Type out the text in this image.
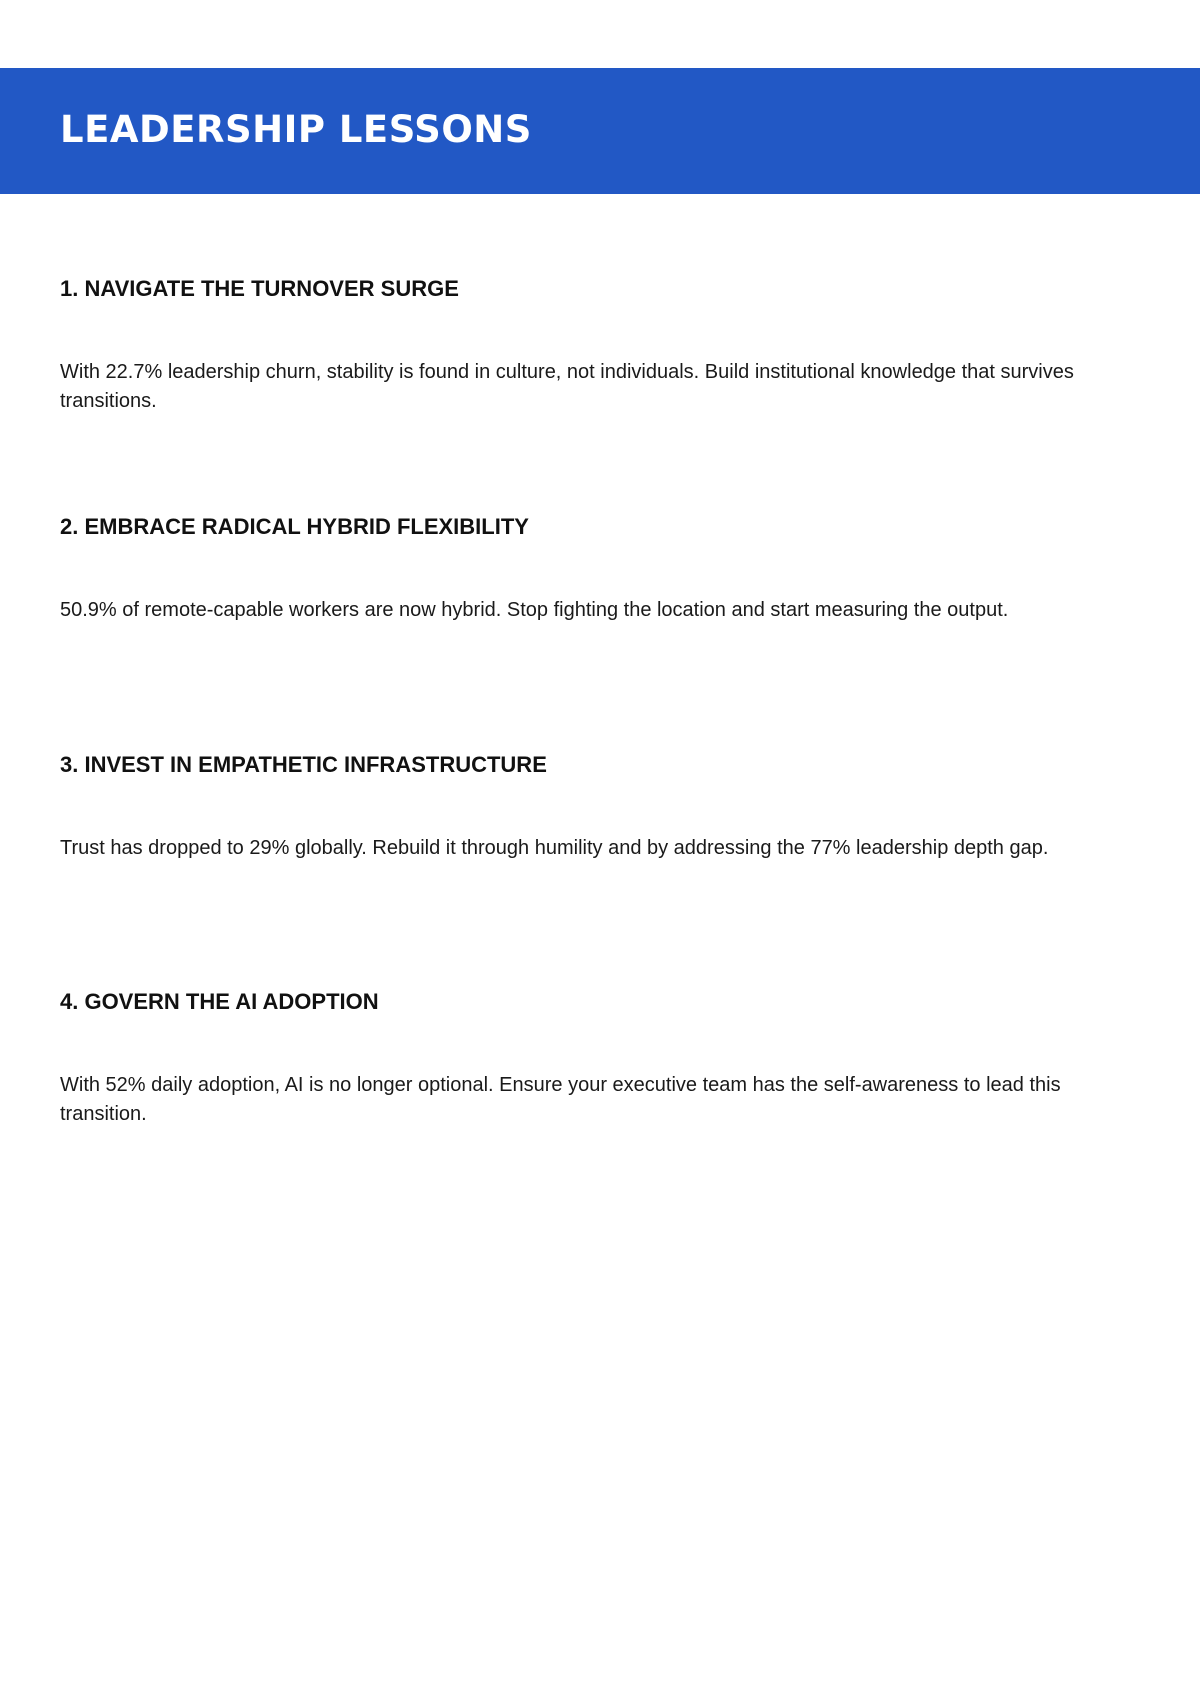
LEADERSHIP LESSONS
1. NAVIGATE THE TURNOVER SURGE

With 22.7% leadership churn, stability is found in culture, not individuals. Build institutional knowledge that survives transitions.

2. EMBRACE RADICAL HYBRID FLEXIBILITY

50.9% of remote-capable workers are now hybrid. Stop fighting the location and start measuring the output.

3. INVEST IN EMPATHETIC INFRASTRUCTURE

Trust has dropped to 29% globally. Rebuild it through humility and by addressing the 77% leadership depth gap.

4. GOVERN THE AI ADOPTION

With 52% daily adoption, AI is no longer optional. Ensure your executive team has the self-awareness to lead this transition.
